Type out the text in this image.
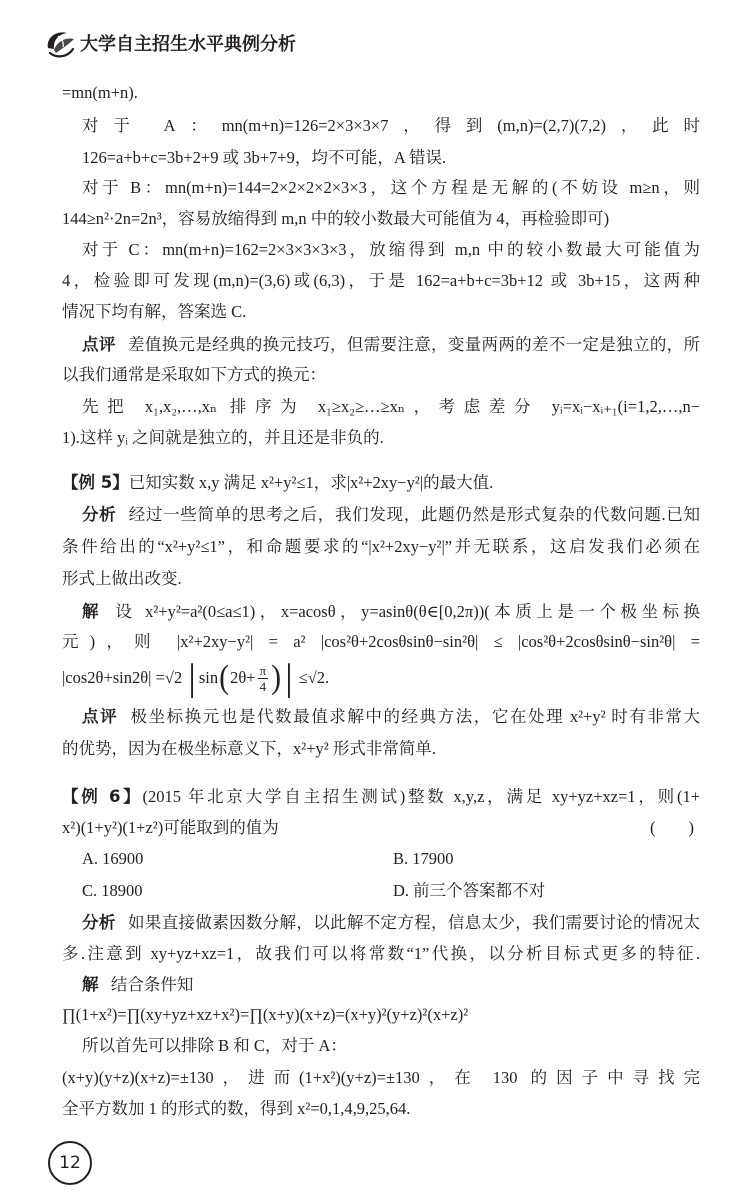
大学自主招生水平典例分析
=mn(m+n).
对于 A：mn(m+n)=126=2×3×3×7，得到(m,n)=(2,7)(7,2)，此时
126=a+b+c=3b+2+9 或 3b+7+9，均不可能，A 错误.
对于 B：mn(m+n)=144=2×2×2×2×3×3，这个方程是无解的(不妨设 m≥n，则
144≥n²·2n=2n³，容易放缩得到 m,n 中的较小数最大可能值为 4，再检验即可)
对于 C：mn(m+n)=162=2×3×3×3×3，放缩得到 m,n 中的较小数最大可能值为
4，检验即可发现(m,n)=(3,6)或(6,3)，于是 162=a+b+c=3b+12 或 3b+15，这两种
情况下均有解，答案选 C.
点评 差值换元是经典的换元技巧，但需要注意，变量两两的差不一定是独立的，所
以我们通常是采取如下方式的换元：
先把 x₁,x₂,…,xₙ 排序为 x₁≥x₂≥…≥xₙ，考虑差分 yᵢ=xᵢ−xᵢ₊₁(i=1,2,…,n−
1).这样 yᵢ 之间就是独立的，并且还是非负的.
【例 5】已知实数 x,y 满足 x²+y²≤1，求|x²+2xy−y²|的最大值.
分析 经过一些简单的思考之后，我们发现，此题仍然是形式复杂的代数问题.已知
条件给出的“x²+y²≤1”，和命题要求的“|x²+2xy−y²|”并无联系，这启发我们必须在
形式上做出改变.
解 设 x²+y²=a²(0≤a≤1)，x=acosθ，y=asinθ(θ∈[0,2π))(本质上是一个极坐标换
元)，则 |x²+2xy−y²| = a² |cos²θ+2cosθsinθ−sin²θ| ≤ |cos²θ+2cosθsinθ−sin²θ| =
|cos2θ+sin2θ| =√2 | sin ( $2\theta+ \frac{\pi}{4}$ ) | ≤√2.
点评 极坐标换元也是代数最值求解中的经典方法，它在处理 x²+y² 时有非常大
的优势，因为在极坐标意义下，x²+y² 形式非常简单.
【例 6】(2015 年北京大学自主招生测试)整数 x,y,z，满足 xy+yz+xz=1，则(1+
x²)(1+y²)(1+z²)可能取到的值为	(　　)
A. 16900	B. 17900
C. 18900	D. 前三个答案都不对
分析 如果直接做素因数分解，以此解不定方程，信息太少，我们需要讨论的情况太
多.注意到 xy+yz+xz=1，故我们可以将常数“1”代换，以分析目标式更多的特征.
解 结合条件知
∏(1+x²)=∏(xy+yz+xz+x²)=∏(x+y)(x+z)=(x+y)²(y+z)²(x+z)²
所以首先可以排除 B 和 C，对于 A：
(x+y)(y+z)(x+z)=±130，进而(1+x²)(y+z)=±130，在 130 的因子中寻找完
全平方数加 1 的形式的数，得到 x²=0,1,4,9,25,64.
12
